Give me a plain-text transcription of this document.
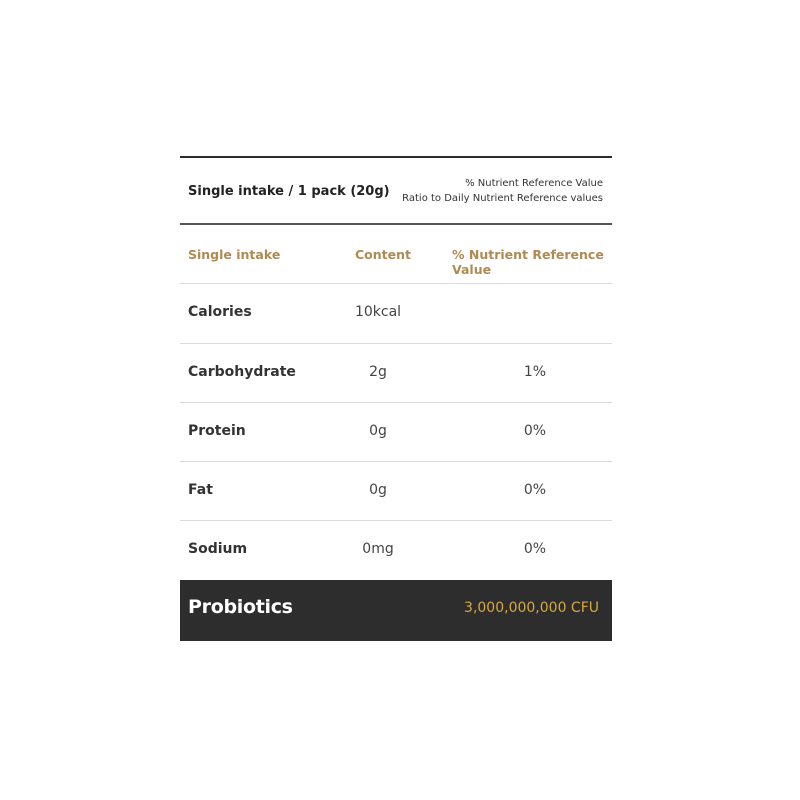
Single intake / 1 pack (20g)
% Nutrient Reference Value
Ratio to Daily Nutrient Reference values
Single intake	Content	% Nutrient Reference Value
Calories	10kcal
Carbohydrate	2g	1%
Protein	0g	0%
Fat	0g	0%
Sodium	0mg	0%
Probiotics	3,000,000,000 CFU
